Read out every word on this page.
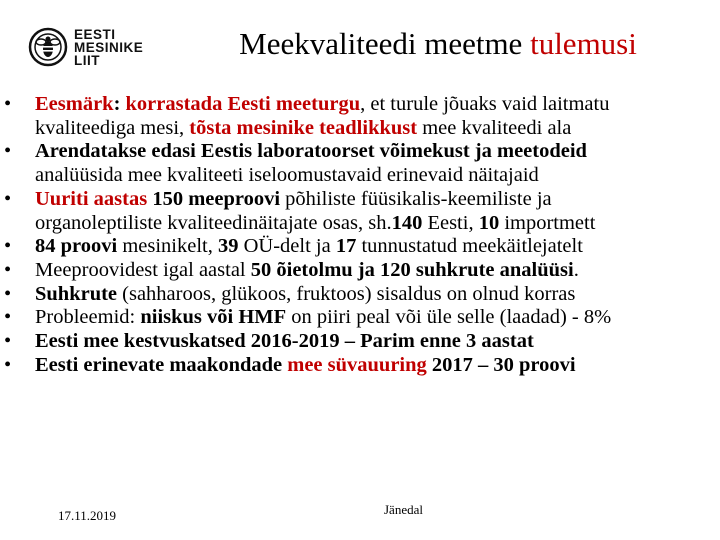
EESTI
MESINIKE
LIIT	Meekvaliteedi meetme tulemusi
• Eesmärk: korrastada Eesti meeturgu, et turule jõuaks vaid laitmatu
kvaliteediga mesi, tõsta mesinike teadlikkust mee kvaliteedi ala
• Arendatakse edasi Eestis laboratoorset võimekust ja meetodeid
analüüsida mee kvaliteeti iseloomustavaid erinevaid näitajaid
• Uuriti aastas 150 meeproovi põhiliste füüsikalis-keemiliste ja
organoleptiliste kvaliteedinäitajate osas, sh.140 Eesti, 10 importmett
• 84 proovi mesinikelt, 39 OÜ-delt ja 17 tunnustatud meekäitlejatelt
• Meeproovidest igal aastal 50 õietolmu ja 120 suhkrute analüüsi.
• Suhkrute (sahharoos, glükoos, fruktoos) sisaldus on olnud korras
• Probleemid: niiskus või HMF on piiri peal või üle selle (laadad) - 8%
• Eesti mee kestvuskatsed 2016-2019 – Parim enne 3 aastat
• Eesti erinevate maakondade mee süvauuring 2017 – 30 proovi
17.11.2019	Jänedal
